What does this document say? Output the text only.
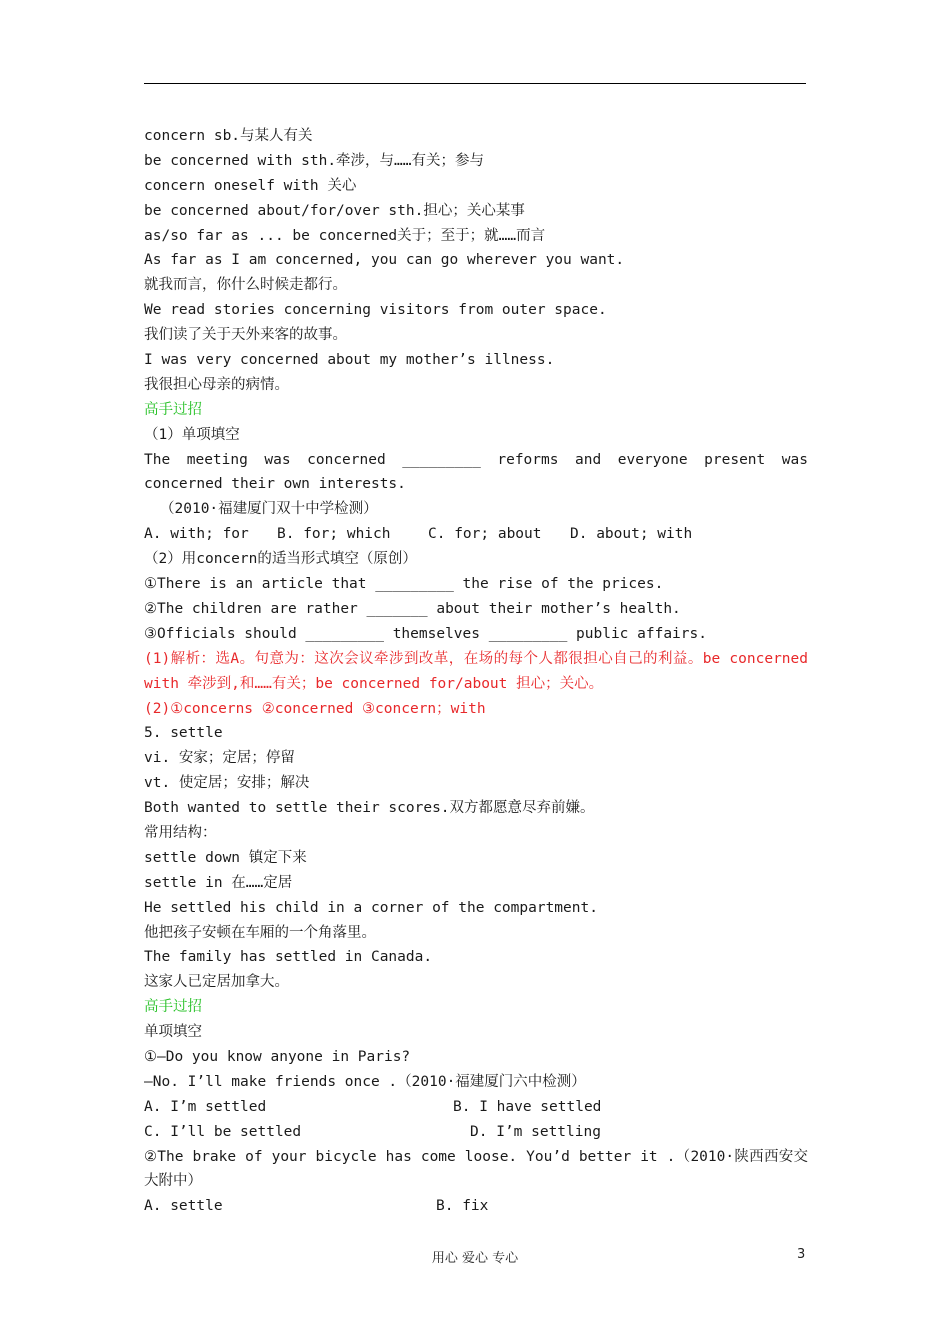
concern sb.与某人有关
be concerned with sth.牵涉，与……有关；参与
concern oneself with 关心
be concerned about/for/over sth.担心；关心某事
as/so far as ... be concerned关于；至于；就……而言
As far as I am concerned, you can go wherever you want.
就我而言，你什么时候走都行。
We read stories concerning visitors from outer space.
我们读了关于天外来客的故事。
I was very concerned about my mother’s illness.
我很担心母亲的病情。
高手过招
（1）单项填空
The meeting was concerned _________ reforms and everyone present was concerned their own interests.
（2010·福建厦门双十中学检测）
A. with; for B. for; which	C. for; about D. about; with
（2）用concern的适当形式填空（原创）
①There is an article that _________ the rise of the prices.
②The children are rather _______ about their mother’s health.
③Officials should _________ themselves _________ public affairs.
(1)解析：选A。句意为：这次会议牵涉到改革，在场的每个人都很担心自己的利益。be concerned with 牵涉到,和……有关；be concerned for/about 担心；关心。
(2)①concerns ②concerned ③concern；with
5. settle
vi. 安家；定居；停留
vt. 使定居；安排；解决
Both wanted to settle their scores.双方都愿意尽弃前嫌。
常用结构：
settle down 镇定下来
settle in 在……定居
He settled his child in a corner of the compartment.
他把孩子安顿在车厢的一个角落里。
The family has settled in Canada.
这家人已定居加拿大。
高手过招
单项填空
①—Do you know anyone in Paris?
—No. I’ll make friends once .（2010·福建厦门六中检测）
A. I’m settled	B. I have settled
C. I’ll be settled	D. I’m settling
②The brake of your bicycle has come loose. You’d better it .（2010·陕西西安交大附中）
A. settle	B. fix
用心 爱心 专心	3
